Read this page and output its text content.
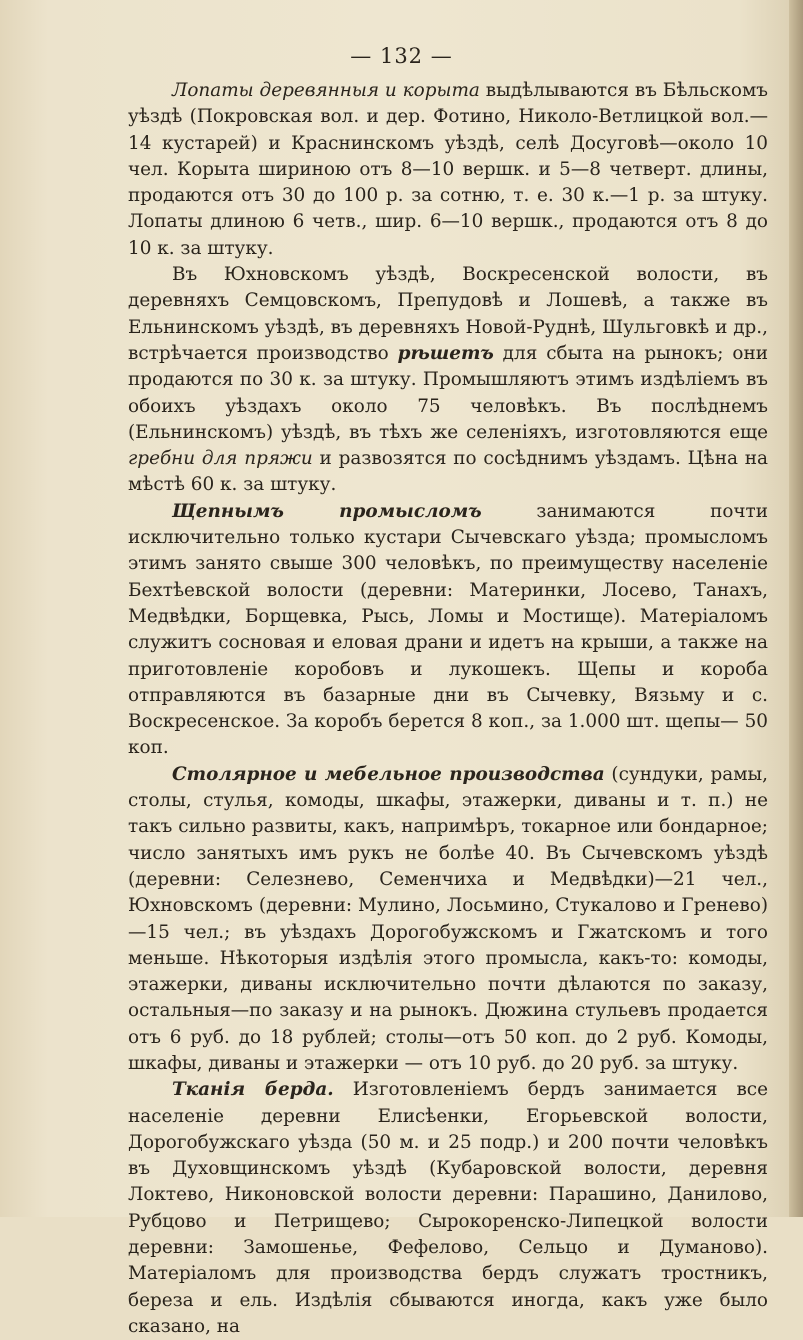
— 132 —

Лопаты деревянныя и корыта выдѣлываются въ Бѣльскомъ уѣздѣ (Покровская вол. и дер. Фотино, Николо-Ветлицкой вол.— 14 кустарей) и Краснинскомъ уѣздѣ, селѣ Досуговѣ—около 10 чел. Корыта шириною отъ 8—10 вершк. и 5—8 четверт. длины, продаются отъ 30 до 100 р. за сотню, т. е. 30 к.—1 р. за штуку. Лопаты длиною 6 четв., шир. 6—10 вершк., продаются отъ 8 до 10 к. за штуку.

Въ Юхновскомъ уѣздѣ, Воскресенской волости, въ деревняхъ Семцовскомъ, Препудовѣ и Лошевѣ, а также въ Ельнинскомъ уѣздѣ, въ деревняхъ Новой-Руднѣ, Шульговкѣ и др., встрѣчается производство рѣшетъ для сбыта на рынокъ; они продаются по 30 к. за штуку. Промышляютъ этимъ издѣліемъ въ обоихъ уѣздахъ около 75 человѣкъ. Въ послѣднемъ (Ельнинскомъ) уѣздѣ, въ тѣхъ же селеніяхъ, изготовляются еще гребни для пряжи и развозятся по сосѣднимъ уѣздамъ. Цѣна на мѣстѣ 60 к. за штуку.

Щепнымъ промысломъ занимаются почти исключительно только кустари Сычевскаго уѣзда; промысломъ этимъ занято свыше 300 человѣкъ, по преимуществу населеніе Бехтѣевской волости (деревни: Материнки, Лосево, Танахъ, Медвѣдки, Борщевка, Рысь, Ломы и Мостище). Матеріаломъ служитъ сосновая и еловая драни и идетъ на крыши, а также на приготовленіе коробовъ и лукошекъ. Щепы и короба отправляются въ базарные дни въ Сычевку, Вязьму и с. Воскресенское. За коробъ берется 8 коп., за 1.000 шт. щепы— 50 коп.

Столярное и мебельное производства (сундуки, рамы, столы, стулья, комоды, шкафы, этажерки, диваны и т. п.) не такъ сильно развиты, какъ, напримѣръ, токарное или бондарное; число занятыхъ имъ рукъ не болѣе 40. Въ Сычевскомъ уѣздѣ (деревни: Селезнево, Семенчиха и Медвѣдки)—21 чел., Юхновскомъ (деревни: Мулино, Лосьмино, Стукалово и Гренево)—15 чел.; въ уѣздахъ Дорогобужскомъ и Гжатскомъ и того меньше. Нѣкоторыя издѣлія этого промысла, какъ-то: комоды, этажерки, диваны исключительно почти дѣлаются по заказу, остальныя—по заказу и на рынокъ. Дюжина стульевъ продается отъ 6 руб. до 18 рублей; столы—отъ 50 коп. до 2 руб. Комоды, шкафы, диваны и этажерки — отъ 10 руб. до 20 руб. за штуку.

Тканія берда. Изготовленіемъ бердъ занимается все населеніе деревни Елисѣенки, Егорьевской волости, Дорогобужскаго уѣзда (50 м. и 25 подр.) и 200 почти человѣкъ въ Духовщинскомъ уѣздѣ (Кубаровской волости, деревня Локтево, Никоновской волости деревни: Парашино, Данилово, Рубцово и Петрищево; Сырокоренско-Липецкой волости деревни: Замошенье, Фефелово, Сельцо и Думаново). Матеріаломъ для производства бердъ служатъ тростникъ, береза и ель. Издѣлія сбываются иногда, какъ уже было сказано, на
